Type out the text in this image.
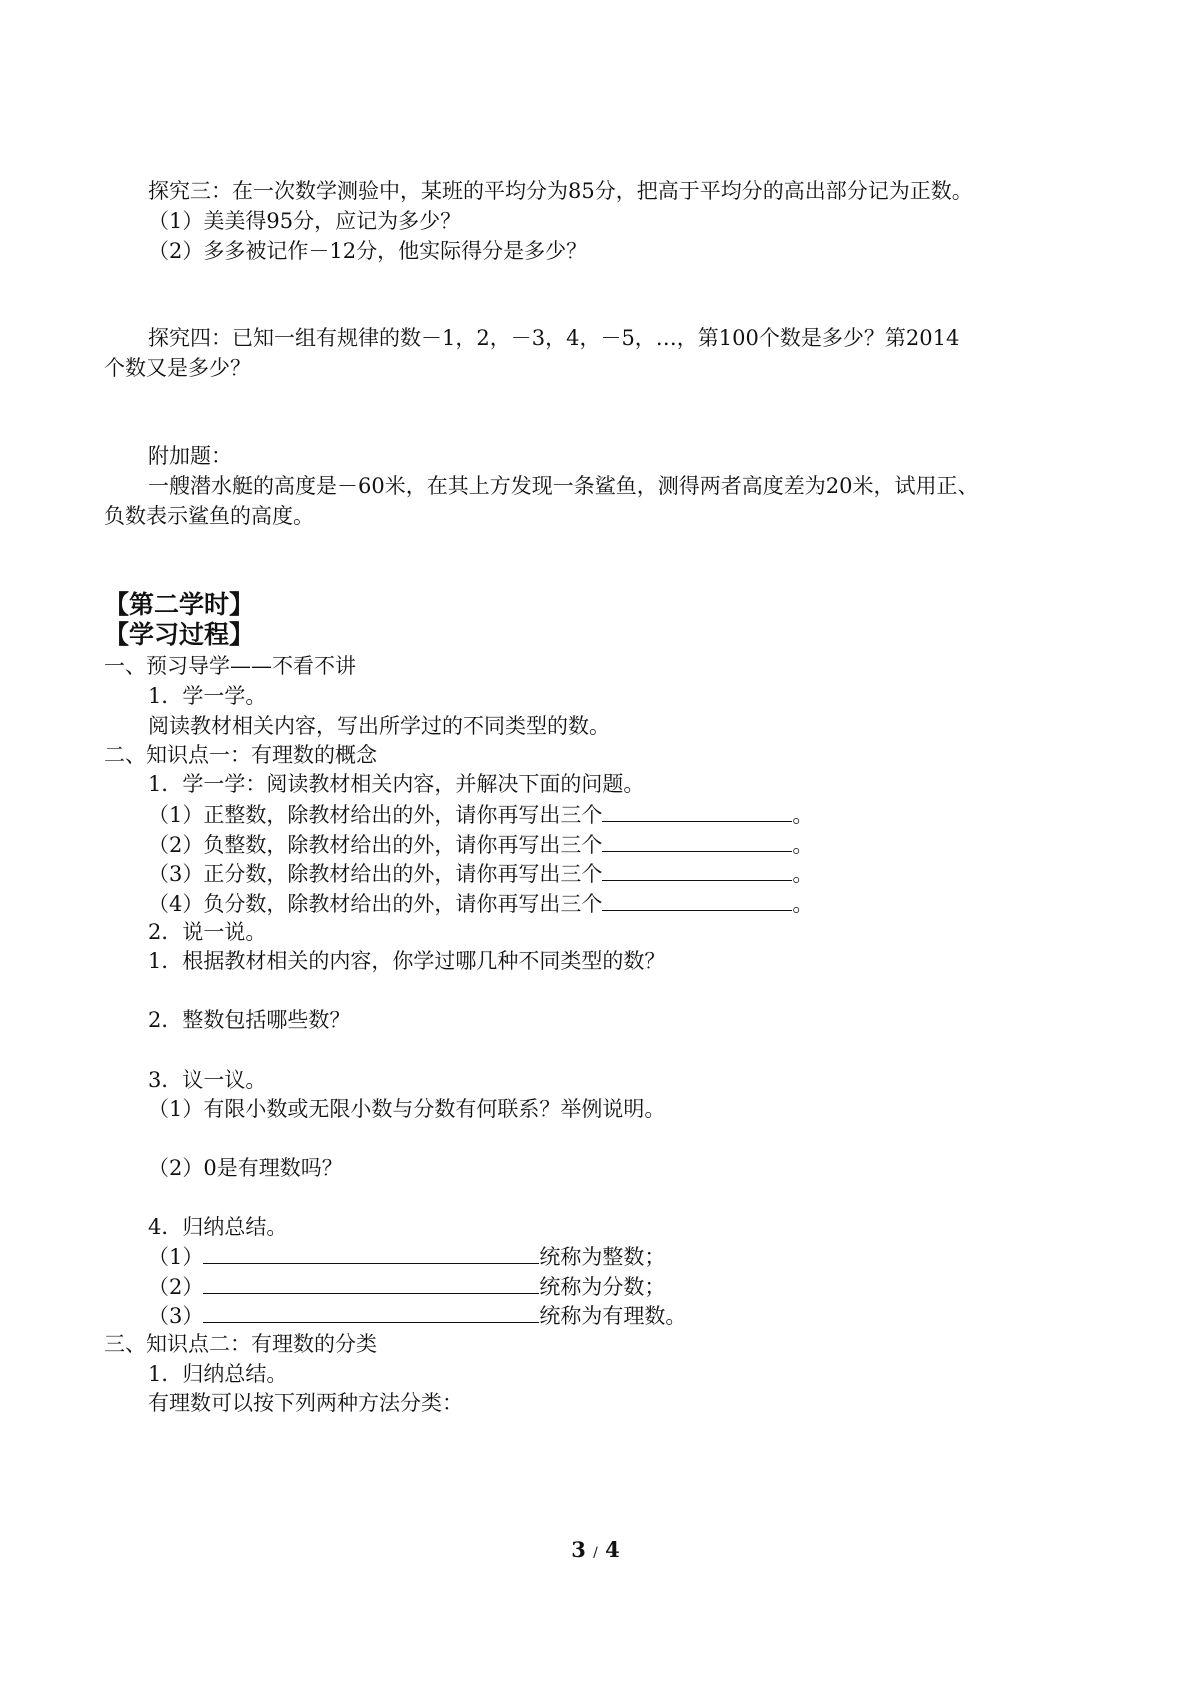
探究三：在一次数学测验中，某班的平均分为85分，把高于平均分的高出部分记为正数。
（1）美美得95分，应记为多少？
（2）多多被记作－12分，他实际得分是多少？
探究四：已知一组有规律的数－1，2，－3，4，－5，…，第100个数是多少？第2014
个数又是多少？
附加题：
一艘潜水艇的高度是－60米，在其上方发现一条鲨鱼，测得两者高度差为20米，试用正、
负数表示鲨鱼的高度。
【第二学时】
【学习过程】
一、预习导学——不看不讲
1．学一学。
阅读教材相关内容，写出所学过的不同类型的数。
二、知识点一：有理数的概念
1．学一学：阅读教材相关内容，并解决下面的问题。
（1）正整数，除教材给出的外，请你再写出三个	。
（2）负整数，除教材给出的外，请你再写出三个	。
（3）正分数，除教材给出的外，请你再写出三个	。
（4）负分数，除教材给出的外，请你再写出三个	。
2．说一说。
1．根据教材相关的内容，你学过哪几种不同类型的数？
2．整数包括哪些数？
3．议一议。
（1）有限小数或无限小数与分数有何联系？举例说明。
（2）0是有理数吗？
4．归纳总结。
（1）	统称为整数；
（2）	统称为分数；
（3）	统称为有理数。
三、知识点二：有理数的分类
1．归纳总结。
有理数可以按下列两种方法分类：
3 / 4
